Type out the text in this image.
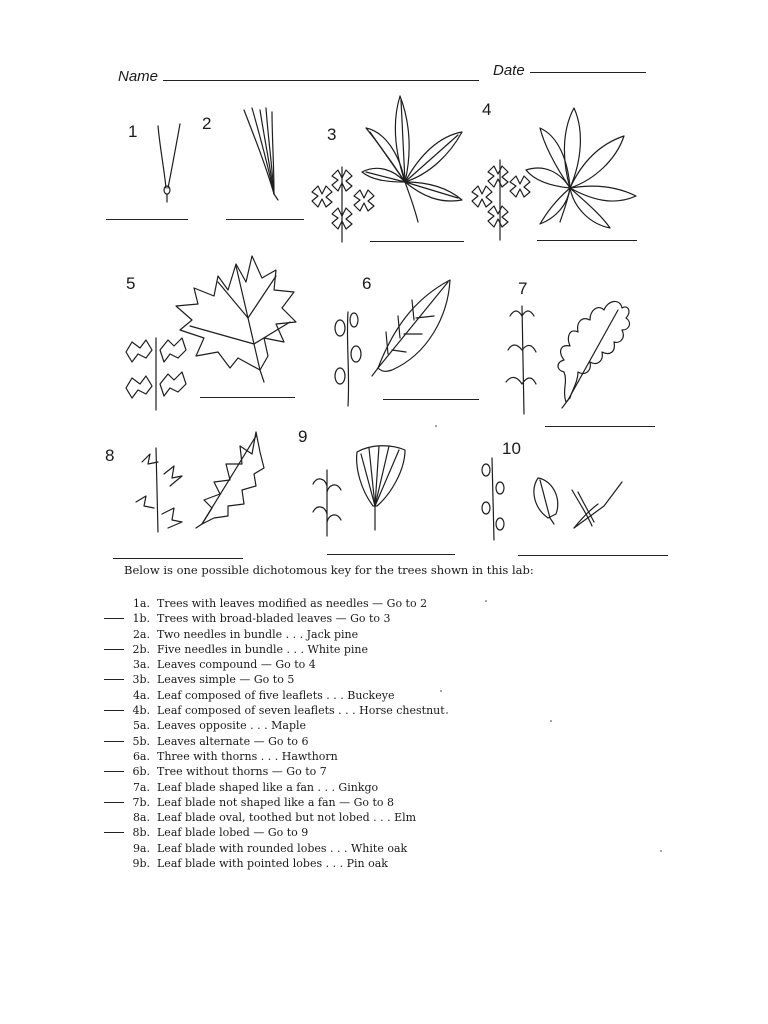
Name	Date
1	2
3
4
5	6	7
8
9
10
Below is one possible dichotomous key for the trees shown in this lab:
1a. Trees with leaves modified as needles — Go to 2
1b. Trees with broad-bladed leaves — Go to 3
2a. Two needles in bundle . . . Jack pine
2b. Five needles in bundle . . . White pine
3a. Leaves compound — Go to 4
3b. Leaves simple — Go to 5
4a. Leaf composed of five leaflets . . . Buckeye
4b. Leaf composed of seven leaflets . . . Horse chestnut
5a. Leaves opposite . . . Maple
5b. Leaves alternate — Go to 6
6a. Three with thorns . . . Hawthorn
6b. Tree without thorns — Go to 7
7a. Leaf blade shaped like a fan . . . Ginkgo
7b. Leaf blade not shaped like a fan — Go to 8
8a. Leaf blade oval, toothed but not lobed . . . Elm
8b. Leaf blade lobed — Go to 9
9a. Leaf blade with rounded lobes . . . White oak
9b. Leaf blade with pointed lobes . . . Pin oak
